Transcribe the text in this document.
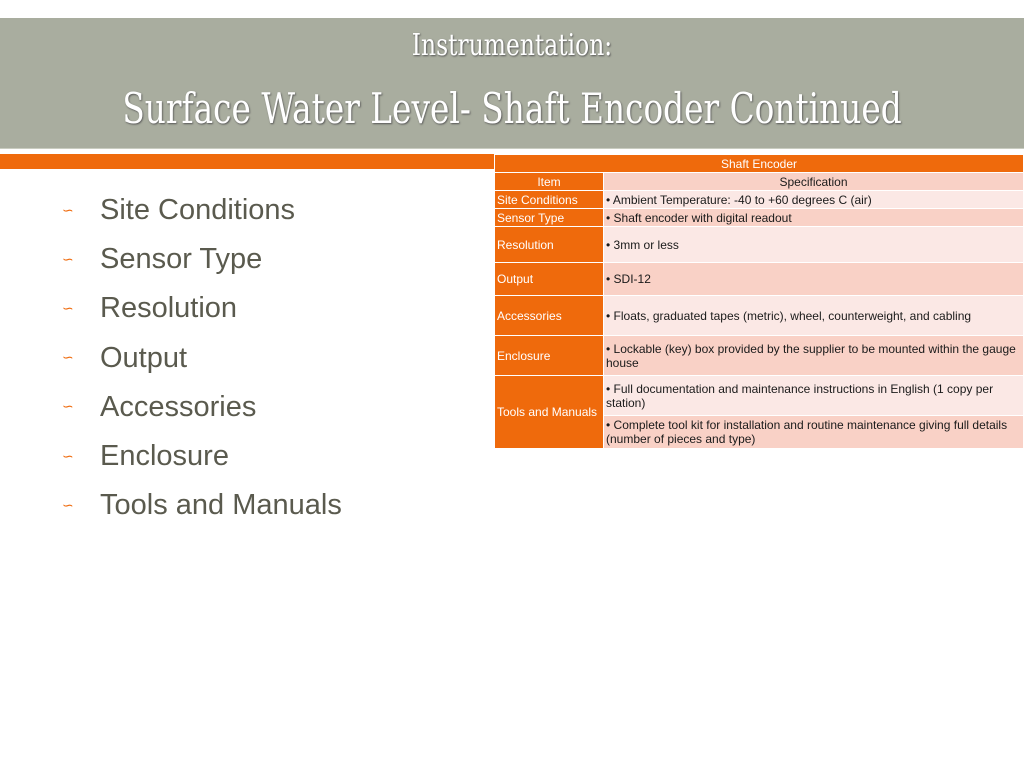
Instrumentation:
Surface Water Level- Shaft Encoder Continued
∽	Site Conditions
∽	Sensor Type
∽	Resolution
∽	Output
∽	Accessories
∽	Enclosure
∽	Tools and Manuals
Shaft Encoder	
Item	Specification
Site Conditions	• Ambient Temperature: -40 to +60 degrees C (air)
Sensor Type	• Shaft encoder with digital readout
Resolution	• 3mm or less
Output	• SDI-12
Accessories	• Floats, graduated tapes (metric), wheel, counterweight, and cabling
Enclosure	• Lockable (key) box provided by the supplier to be mounted within the gauge house
Tools and Manuals	• Full documentation and maintenance instructions in English (1 copy per station)
	• Complete tool kit for installation and routine maintenance giving full details (number of pieces and type)
